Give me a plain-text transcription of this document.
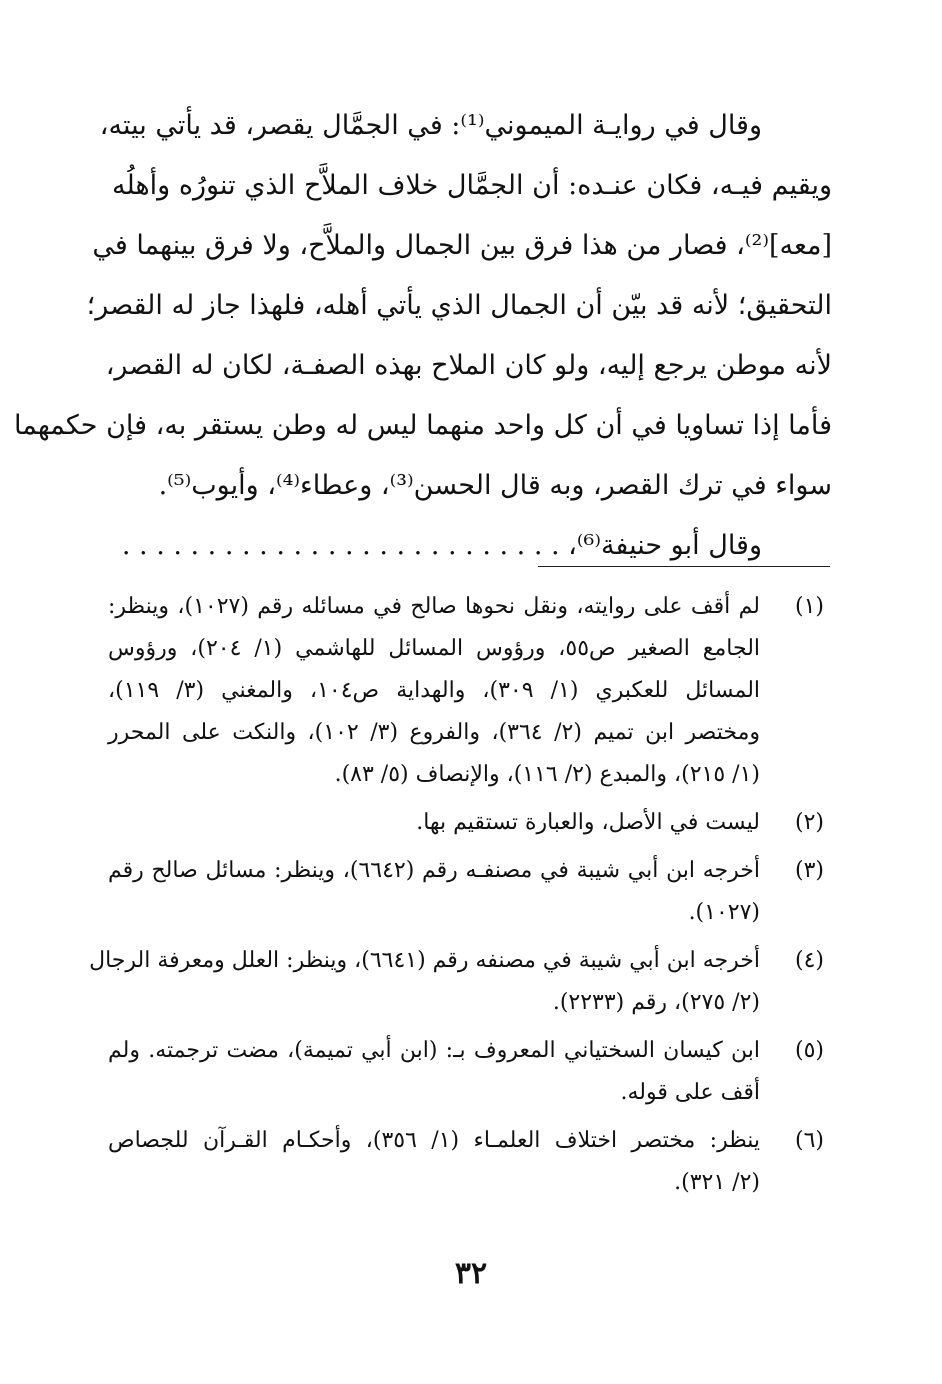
وقال في روايـة الميموني⁽¹⁾: في الجمَّال يقصر، قد يأتي بيته،
ويقيم فيـه، فكان عنـده: أن الجمَّال خلاف الملاَّح الذي تنورُه وأهلُه
[معه]⁽²⁾، فصار من هذا فرق بين الجمال والملاَّح، ولا فرق بينهما في
التحقيق؛ لأنه قد بيّن أن الجمال الذي يأتي أهله، فلهذا جاز له القصر؛
لأنه موطن يرجع إليه، ولو كان الملاح بهذه الصفـة، لكان له القصر،
فأما إذا تساويا في أن كل واحد منهما ليس له وطن يستقر به، فإن حكمهما
سواء في ترك القصر، وبه قال الحسن⁽³⁾، وعطاء⁽⁴⁾، وأيوب⁽⁵⁾.
وقال أبو حنيفة⁽⁶⁾، . . . . . . . . . . . . . . . . . . . . . . . . . .
(١)
لم أقف على روايته، ونقل نحوها صالح في مسائله رقم (١٠٢٧)، وينظر:
الجامع الصغير ص٥٥، ورؤوس المسائل للهاشمي (١/ ٢٠٤)، ورؤوس
المسائل للعكبري (١/ ٣٠٩)، والهداية ص١٠٤، والمغني (٣/ ١١٩)،
ومختصر ابن تميم (٢/ ٣٦٤)، والفروع (٣/ ١٠٢)، والنكت على المحرر
(١/ ٢١٥)، والمبدع (٢/ ١١٦)، والإنصاف (٥/ ٨٣).
(٢)
ليست في الأصل، والعبارة تستقيم بها.
(٣)
أخرجه ابن أبي شيبة في مصنفـه رقم (٦٦٤٢)، وينظر: مسائل صالح رقم
(١٠٢٧).
(٤)
أخرجه ابن أبي شيبة في مصنفه رقم (٦٦٤١)، وينظر: العلل ومعرفة الرجال
(٢/ ٢٧٥)، رقم (٢٢٣٣).
(٥)
ابن كيسان السختياني المعروف بـ: (ابن أبي تميمة)، مضت ترجمته. ولم
أقف على قوله.
(٦)
ينظر: مختصر اختلاف العلمـاء (١/ ٣٥٦)، وأحكـام القـرآن للجصاص
(٢/ ٣٢١).
٣٢
